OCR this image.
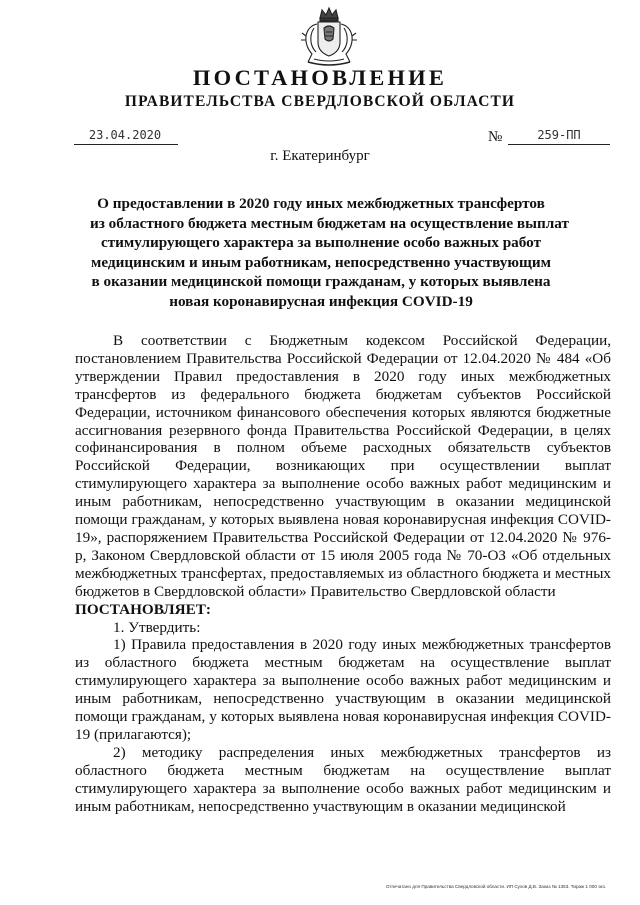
ПОСТАНОВЛЕНИЕ
ПРАВИТЕЛЬСТВА СВЕРДЛОВСКОЙ ОБЛАСТИ
23.04.2020	№	259-ПП
г. Екатеринбург
О предоставлении в 2020 году иных межбюджетных трансфертов
из областного бюджета местным бюджетам на осуществление выплат
стимулирующего характера за выполнение особо важных работ
медицинским и иным работникам, непосредственно участвующим
в оказании медицинской помощи гражданам, у которых выявлена
новая коронавирусная инфекция COVID-19

В соответствии с Бюджетным кодексом Российской Федерации, постановлением Правительства Российской Федерации от 12.04.2020 № 484 «Об утверждении Правил предоставления в 2020 году иных межбюджетных трансфертов из федерального бюджета бюджетам субъектов Российской Федерации, источником финансового обеспечения которых являются бюджетные ассигнования резервного фонда Правительства Российской Федерации, в целях софинансирования в полном объеме расходных обязательств субъектов Российской Федерации, возникающих при осуществлении выплат стимулирующего характера за выполнение особо важных работ медицинским и иным работникам, непосредственно участвующим в оказании медицинской помощи гражданам, у которых выявлена новая коронавирусная инфекция COVID-19», распоряжением Правительства Российской Федерации от 12.04.2020 № 976-р, Законом Свердловской области от 15 июля 2005 года № 70-ОЗ «Об отдельных межбюджетных трансфертах, предоставляемых из областного бюджета и местных бюджетов в Свердловской области» Правительство Свердловской области

ПОСТАНОВЛЯЕТ:

1. Утвердить:

1) Правила предоставления в 2020 году иных межбюджетных трансфертов из областного бюджета местным бюджетам на осуществление выплат стимулирующего характера за выполнение особо важных работ медицинским и иным работникам, непосредственно участвующим в оказании медицинской помощи гражданам, у которых выявлена новая коронавирусная инфекция COVID-19 (прилагаются);

2) методику распределения иных межбюджетных трансфертов из областного бюджета местным бюджетам на осуществление выплат стимулирующего характера за выполнение особо важных работ медицинским и иным работникам, непосредственно участвующим в оказании медицинской

Отпечатано для Правительства Свердловской области. ИП Сухов Д.В. Заказ № 1363. Тираж 1 000 экз.
